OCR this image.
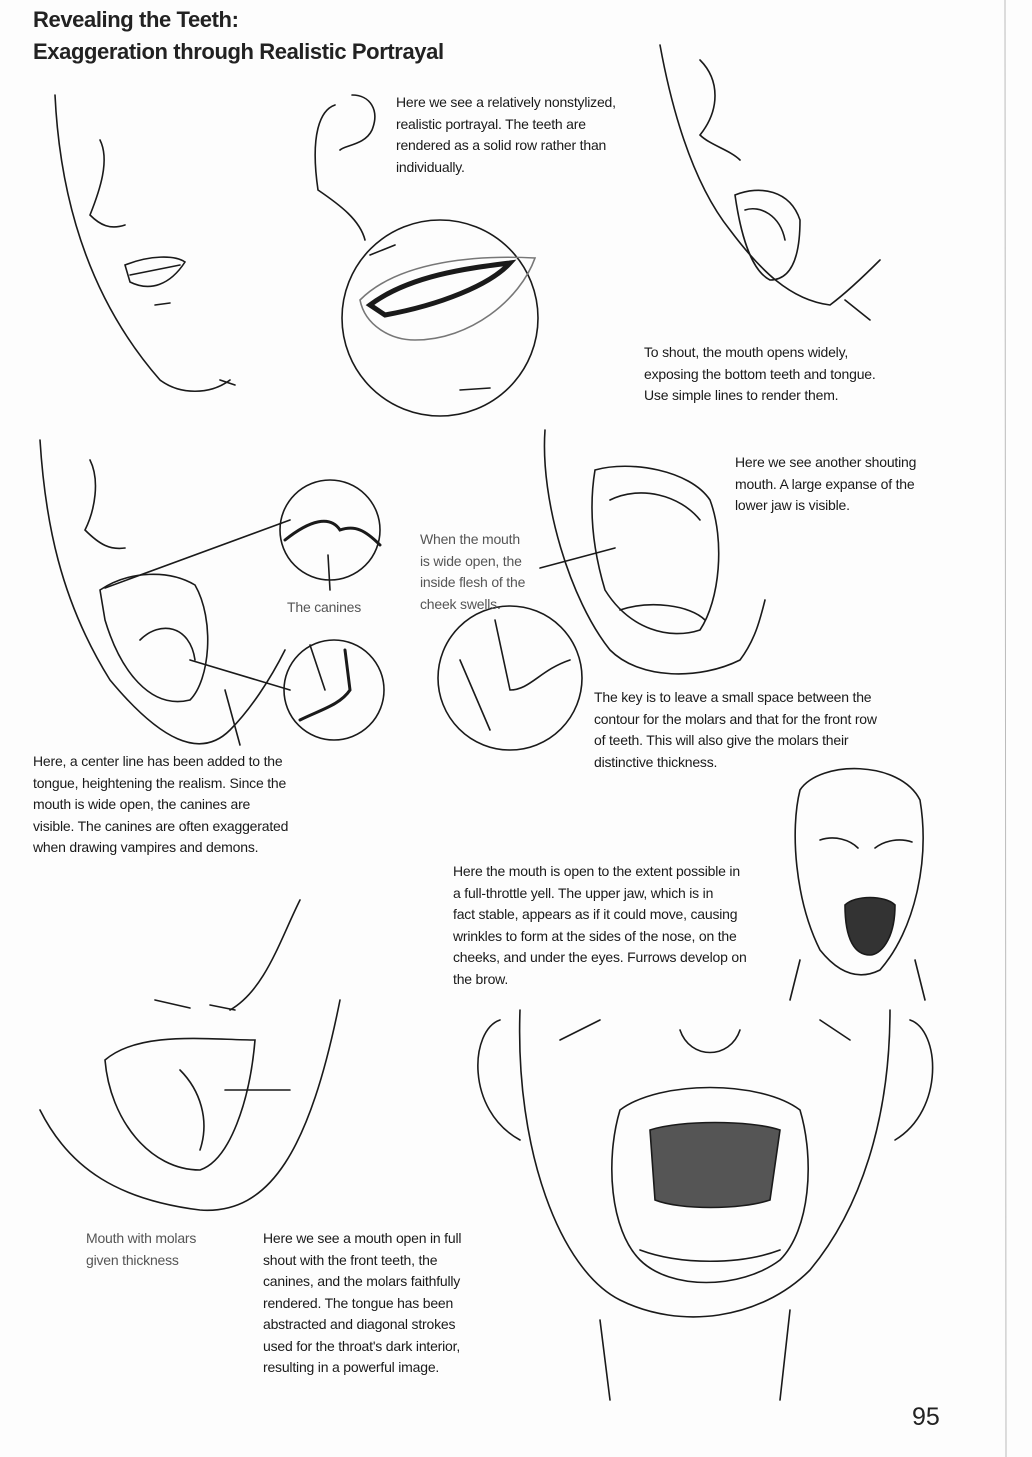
Revealing the Teeth:
Exaggeration through Realistic Portrayal
Here we see a relatively nonstylized,
realistic portrayal. The teeth are
rendered as a solid row rather than
individually.
To shout, the mouth opens widely,
exposing the bottom teeth and tongue.
Use simple lines to render them.
Here we see another shouting
mouth. A large expanse of the
lower jaw is visible.
When the mouth
is wide open, the
inside flesh of the
cheek swells.
The canines
The key is to leave a small space between the
contour for the molars and that for the front row
of teeth. This will also give the molars their
distinctive thickness.
Here, a center line has been added to the
tongue, heightening the realism. Since the
mouth is wide open, the canines are
visible. The canines are often exaggerated
when drawing vampires and demons.
Here the mouth is open to the extent possible in
a full-throttle yell. The upper jaw, which is in
fact stable, appears as if it could move, causing
wrinkles to form at the sides of the nose, on the
cheeks, and under the eyes. Furrows develop on
the brow.
Mouth with molars
given thickness
Here we see a mouth open in full
shout with the front teeth, the
canines, and the molars faithfully
rendered. The tongue has been
abstracted and diagonal strokes
used for the throat's dark interior,
resulting in a powerful image.
95
